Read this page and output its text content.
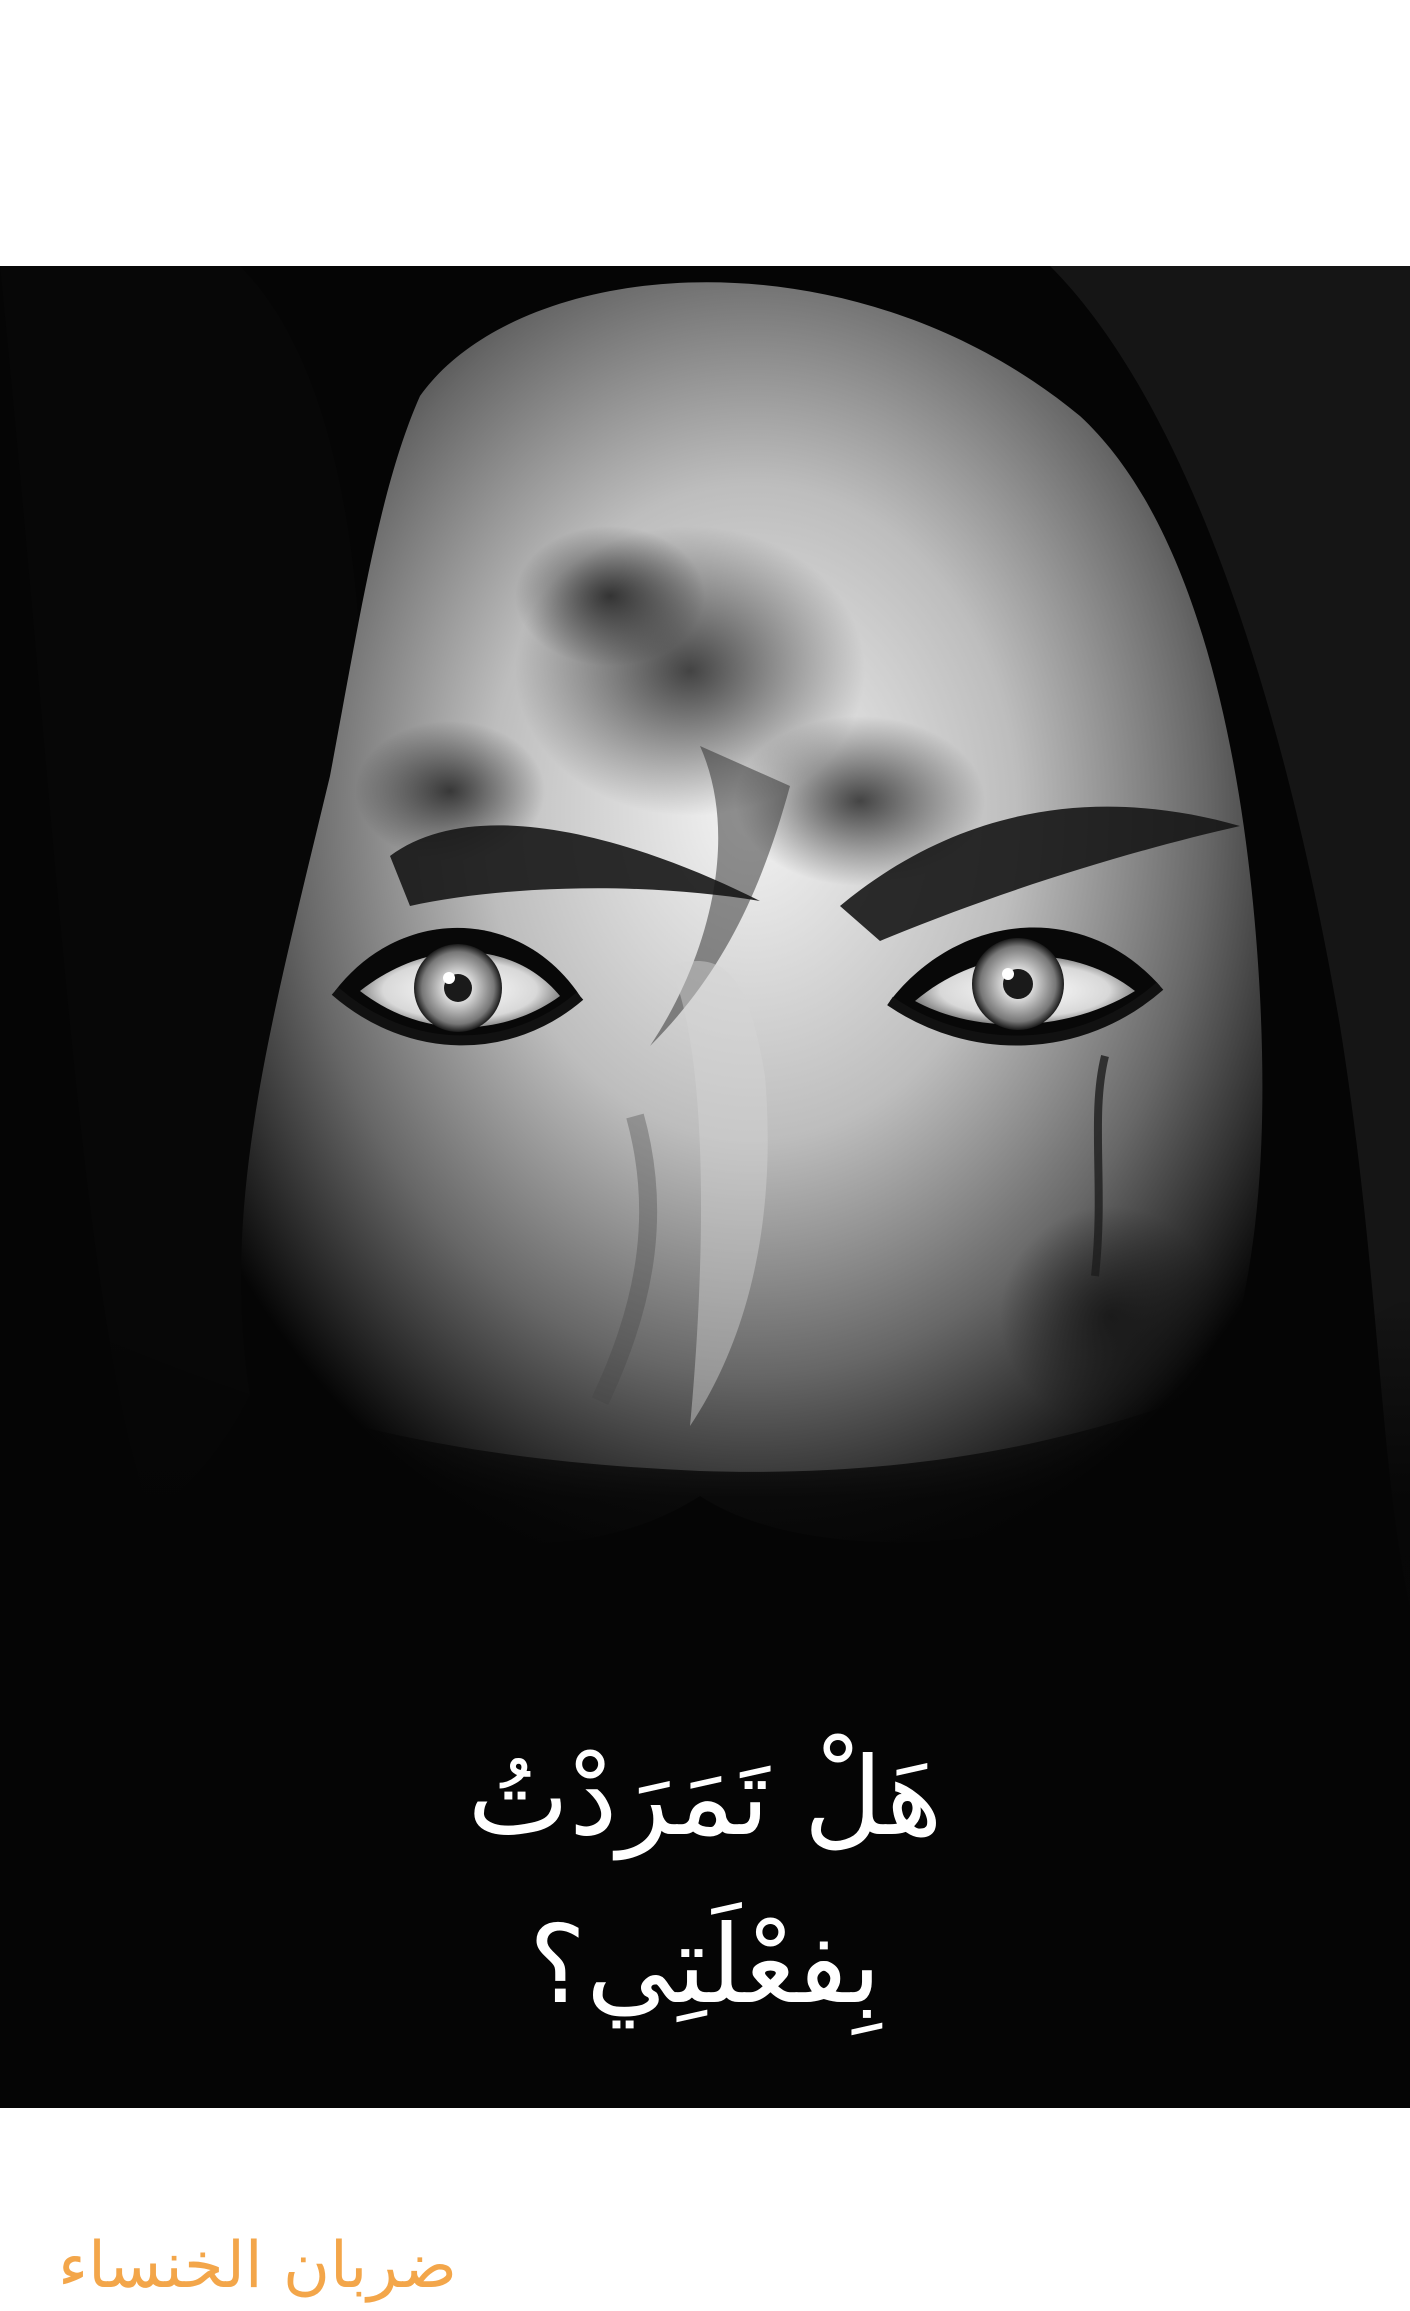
هَلْ تَمَرَدْتُ
بِفعْلَتِي؟
ضربان الخنساء
